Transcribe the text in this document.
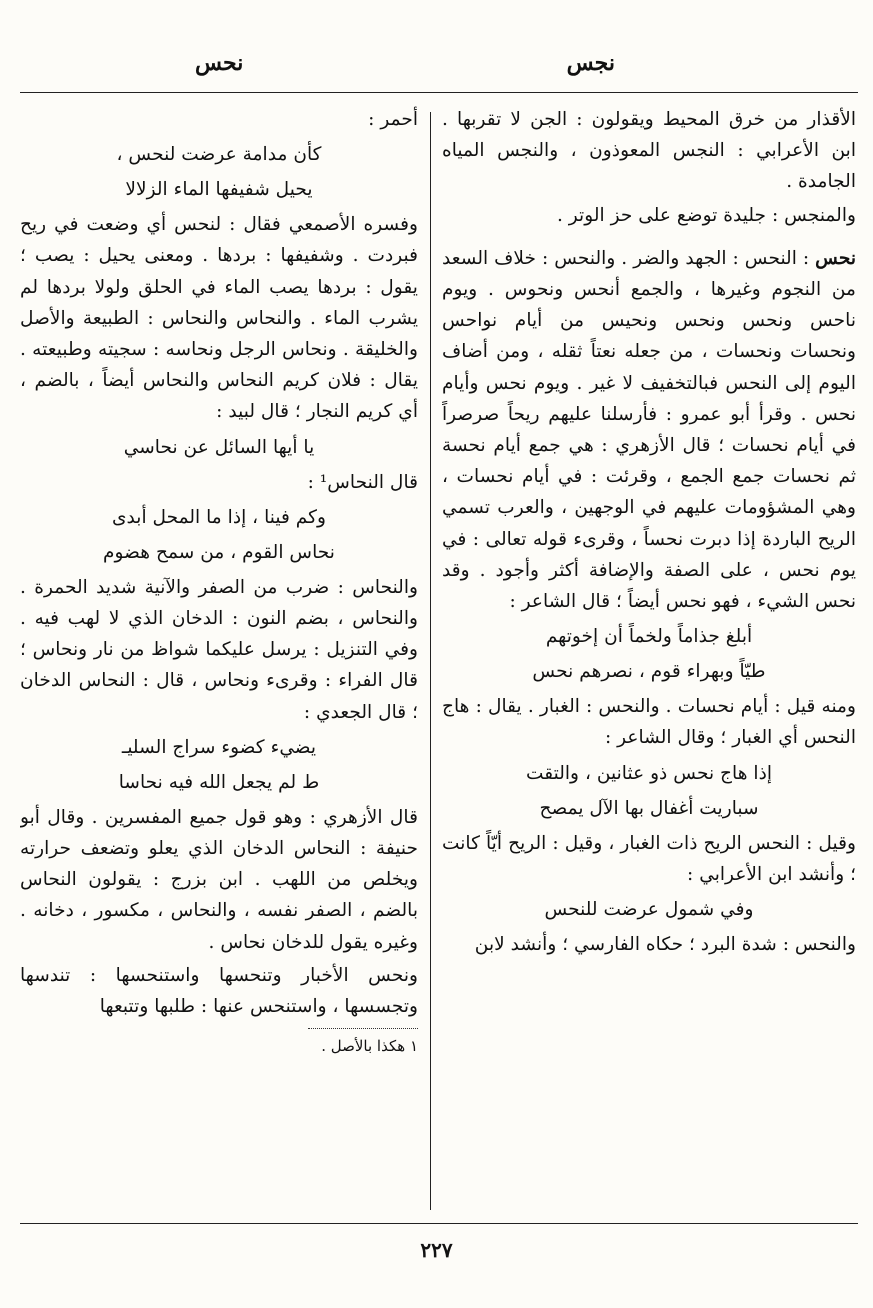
نجس
نحس

الأقذار من خرق المحيط ويقولون : الجن لا تقربها . ابن الأعرابي : النجس المعوذون ، والنجس المياه الجامدة .

والمنجس : جليدة توضع على حز الوتر .

نحس : النحس : الجهد والضر . والنحس : خلاف السعد من النجوم وغيرها ، والجمع أنحس ونحوس . ويوم ناحس ونحس ونحس ونحيس من أيام نواحس ونحسات ونحسات ، من جعله نعتاً ثقله ، ومن أضاف اليوم إلى النحس فبالتخفيف لا غير . ويوم نحس وأيام نحس . وقرأ أبو عمرو : فأرسلنا عليهم ريحاً صرصراً في أيام نحسات ؛ قال الأزهري : هي جمع أيام نحسة ثم نحسات جمع الجمع ، وقرئت : في أيام نحسات ، وهي المشؤومات عليهم في الوجهين ، والعرب تسمي الريح الباردة إذا دبرت نحساً ، وقرىء قوله تعالى : في يوم نحس ، على الصفة والإضافة أكثر وأجود . وقد نحس الشيء ، فهو نحس أيضاً ؛ قال الشاعر :

أبلغ جذاماً ولخماً أن إخوتهم
طيّاً وبهراء قوم ، نصرهم نحس

ومنه قيل : أيام نحسات . والنحس : الغبار . يقال : هاج النحس أي الغبار ؛ وقال الشاعر :

إذا هاج نحس ذو عثانين ، والتقت
سباريت أغفال بها الآل يمصح

وقيل : النحس الريح ذات الغبار ، وقيل : الريح أيّاً كانت ؛ وأنشد ابن الأعرابي :

وفي شمول عرضت للنحس

والنحس : شدة البرد ؛ حكاه الفارسي ؛ وأنشد لابن

أحمر :

كأن مدامة عرضت لنحس ،
يحيل شفيفها الماء الزلالا

وفسره الأصمعي فقال : لنحس أي وضعت في ريح فبردت . وشفيفها : بردها . ومعنى يحيل : يصب ؛ يقول : بردها يصب الماء في الحلق ولولا بردها لم يشرب الماء . والنحاس والنحاس : الطبيعة والأصل والخليقة . ونحاس الرجل ونحاسه : سجيته وطبيعته . يقال : فلان كريم النحاس والنحاس أيضاً ، بالضم ، أي كريم النجار ؛ قال لبيد :

يا أيها السائل عن نحاسي

قال النحاس¹ :

وكم فينا ، إذا ما المحل أبدى
نحاس القوم ، من سمح هضوم

والنحاس : ضرب من الصفر والآنية شديد الحمرة . والنحاس ، بضم النون : الدخان الذي لا لهب فيه . وفي التنزيل : يرسل عليكما شواظ من نار ونحاس ؛ قال الفراء : وقرىء ونحاس ، قال : النحاس الدخان ؛ قال الجعدي :

يضيء كضوء سراج السليـ
ط لم يجعل الله فيه نحاسا

قال الأزهري : وهو قول جميع المفسرين . وقال أبو حنيفة : النحاس الدخان الذي يعلو وتضعف حرارته ويخلص من اللهب . ابن بزرج : يقولون النحاس بالضم ، الصفر نفسه ، والنحاس ، مكسور ، دخانه . وغيره يقول للدخان نحاس .

ونحس الأخبار وتنحسها واستنحسها : تندسها وتجسسها ، واستنحس عنها : طلبها وتتبعها

١ هكذا بالأصل .
٢٢٧
